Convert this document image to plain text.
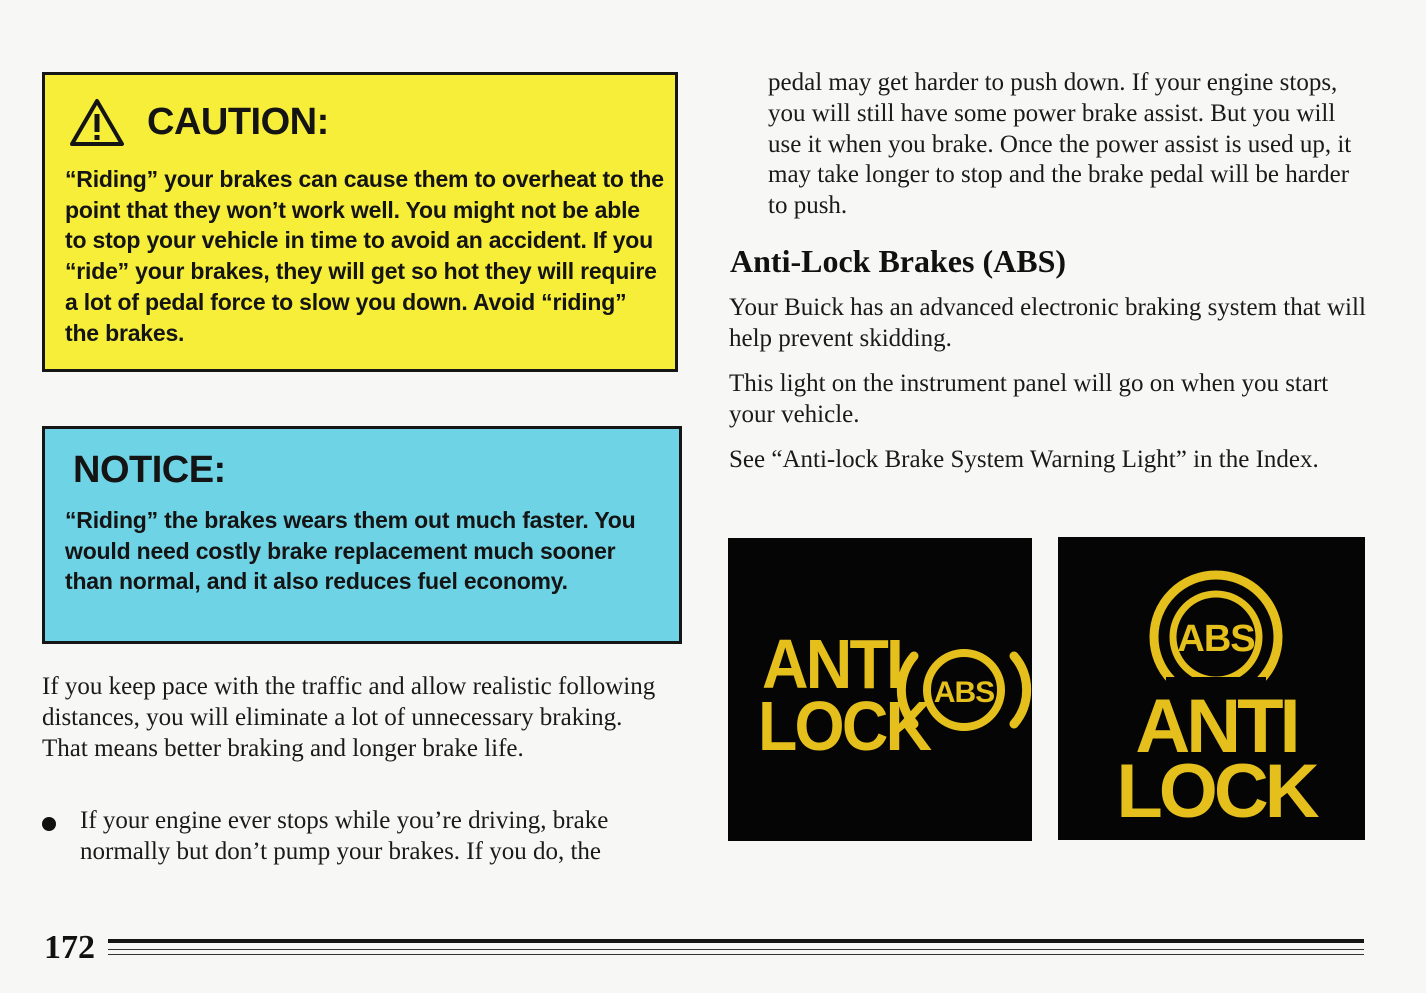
CAUTION:
“Riding” your brakes can cause them to overheat to the point that they won’t work well. You might not be able to stop your vehicle in time to avoid an accident. If you “ride” your brakes, they will get so hot they will require a lot of pedal force to slow you down. Avoid “riding” the brakes.
NOTICE:
“Riding” the brakes wears them out much faster. You would need costly brake replacement much sooner than normal, and it also reduces fuel economy.
If you keep pace with the traffic and allow realistic following distances, you will eliminate a lot of unnecessary braking. That means better braking and longer brake life.
If your engine ever stops while you’re driving, brake normally but don’t pump your brakes. If you do, the
pedal may get harder to push down. If your engine stops, you will still have some power brake assist. But you will use it when you brake. Once the power assist is used up, it may take longer to stop and the brake pedal will be harder to push.
Anti-Lock Brakes (ABS)
Your Buick has an advanced electronic braking system that will help prevent skidding.
This light on the instrument panel will go on when you start your vehicle.
See “Anti-lock Brake System Warning Light” in the Index.
ANTI
LOCK ABS
ABS
ANTI
LOCK
172
